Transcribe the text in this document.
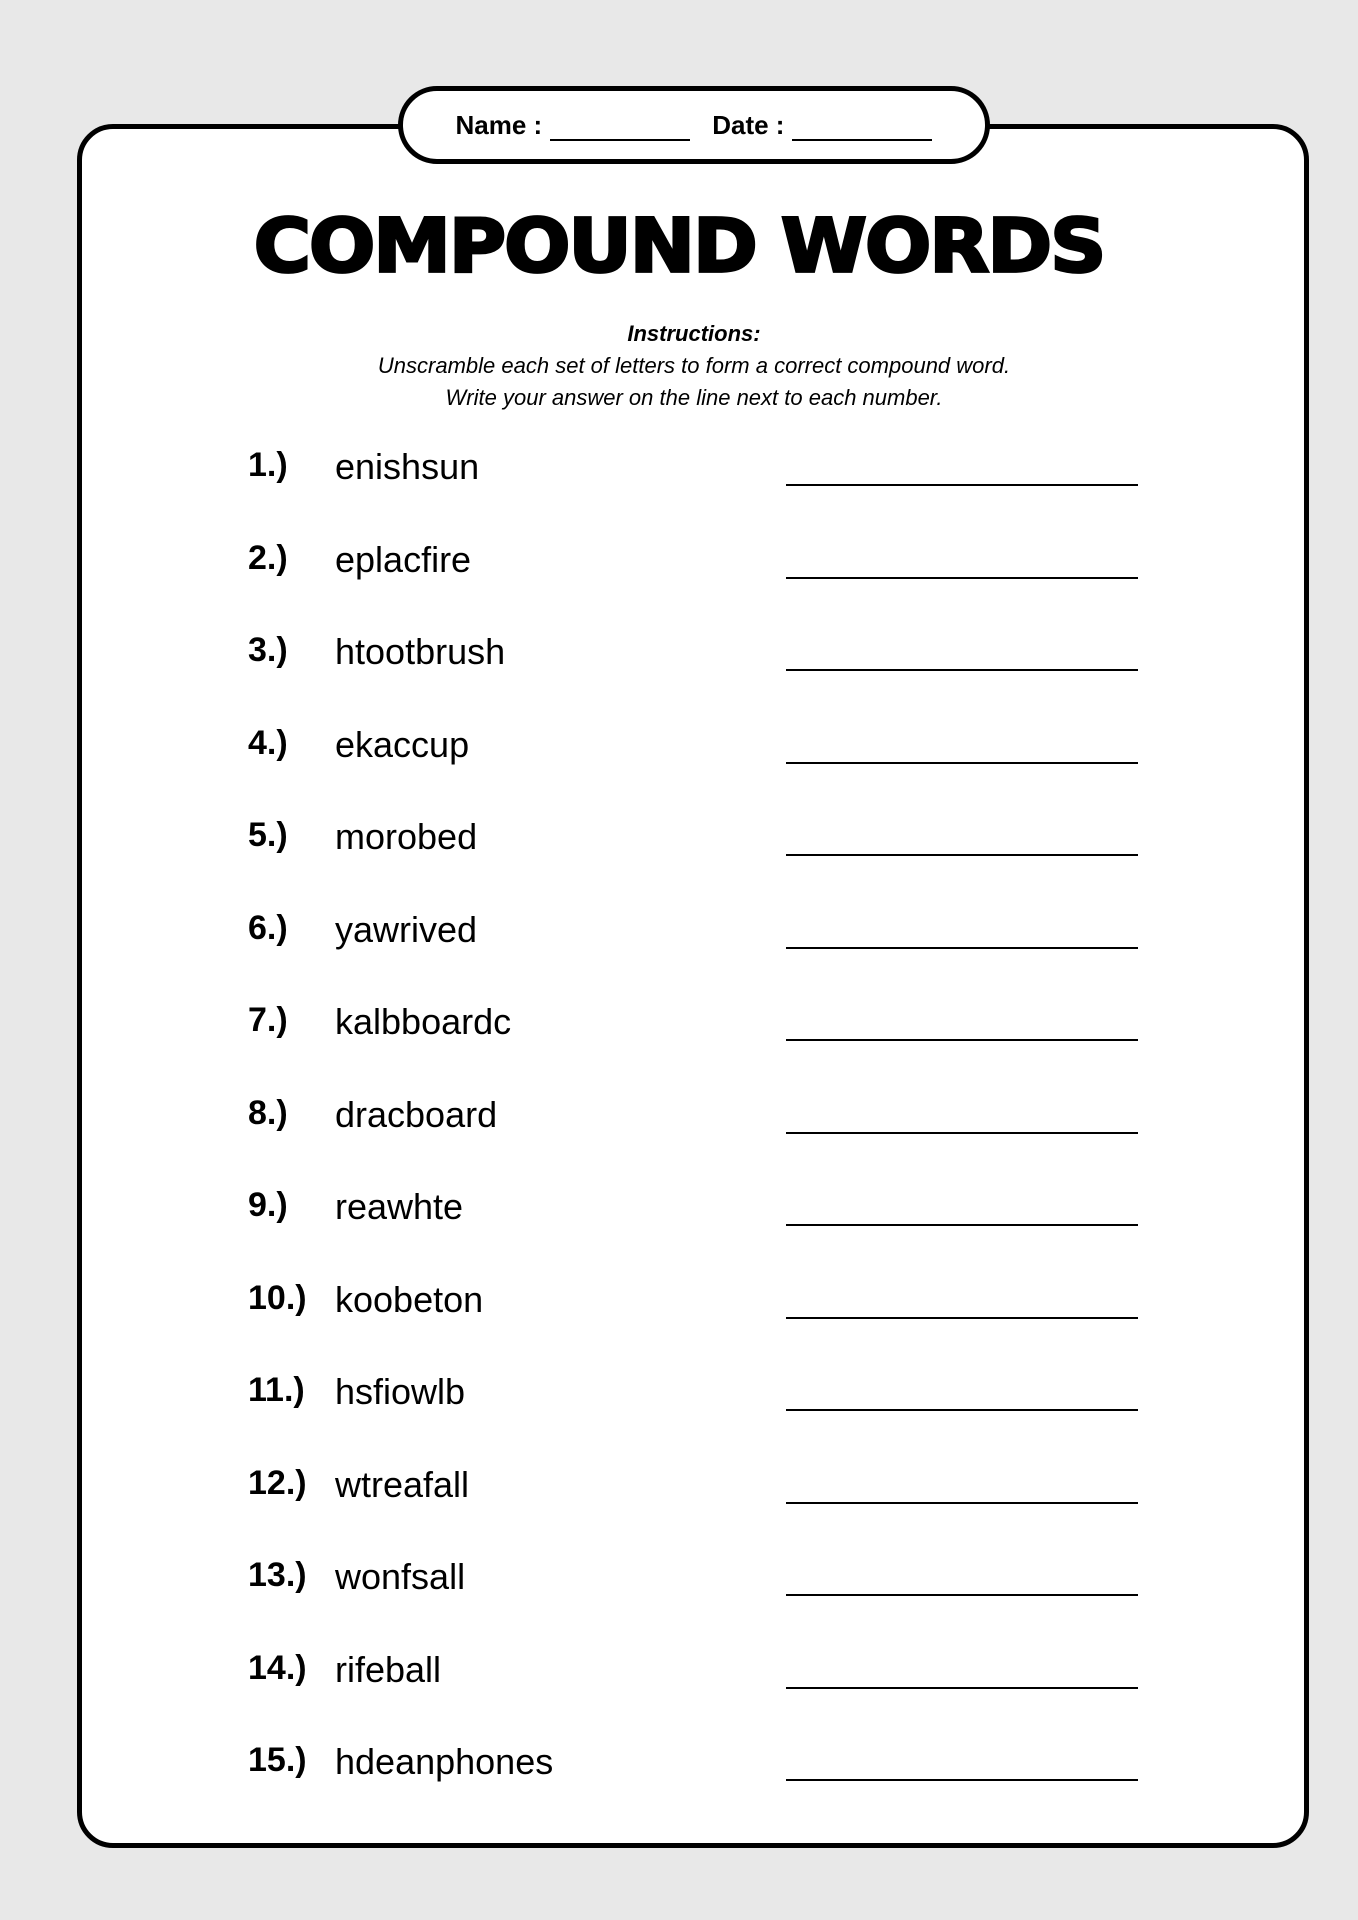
Name :	Date :
COMPOUND WORDS
Instructions:
Unscramble each set of letters to form a correct compound word.
Write your answer on the line next to each number.
1.) enishsun
2.) eplacfire
3.) htootbrush
4.) ekaccup
5.) morobed
6.) yawrived
7.) kalbboardc
8.) dracboard
9.) reawhte
10.) koobeton
11.) hsfiowlb
12.) wtreafall
13.) wonfsall
14.) rifeball
15.) hdeanphones
